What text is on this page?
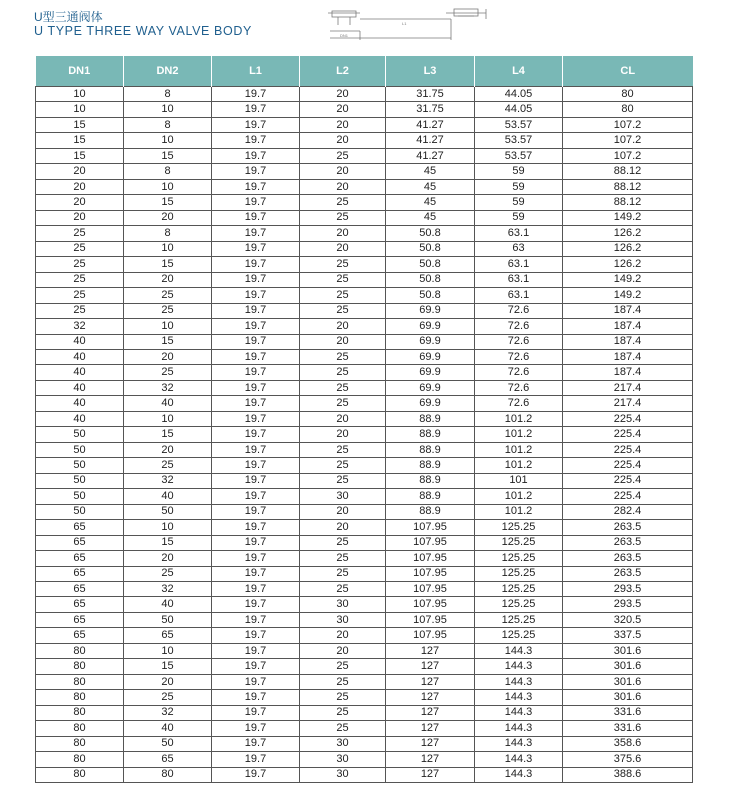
U型三通阀体
U TYPE THREE WAY VALVE BODY	DN1
L1
DN1	DN2	L1	L2	L3	L4	CL
10	8	19.7	20	31.75	44.05	80
10	10	19.7	20	31.75	44.05	80
15	8	19.7	20	41.27	53.57	107.2
15	10	19.7	20	41.27	53.57	107.2
15	15	19.7	25	41.27	53.57	107.2
20	8	19.7	20	45	59	88.12
20	10	19.7	20	45	59	88.12
20	15	19.7	25	45	59	88.12
20	20	19.7	25	45	59	149.2
25	8	19.7	20	50.8	63.1	126.2
25	10	19.7	20	50.8	63	126.2
25	15	19.7	25	50.8	63.1	126.2
25	20	19.7	25	50.8	63.1	149.2
25	25	19.7	25	50.8	63.1	149.2
25	25	19.7	25	69.9	72.6	187.4
32	10	19.7	20	69.9	72.6	187.4
40	15	19.7	20	69.9	72.6	187.4
40	20	19.7	25	69.9	72.6	187.4
40	25	19.7	25	69.9	72.6	187.4
40	32	19.7	25	69.9	72.6	217.4
40	40	19.7	25	69.9	72.6	217.4
40	10	19.7	20	88.9	101.2	225.4
50	15	19.7	20	88.9	101.2	225.4
50	20	19.7	25	88.9	101.2	225.4
50	25	19.7	25	88.9	101.2	225.4
50	32	19.7	25	88.9	101	225.4
50	40	19.7	30	88.9	101.2	225.4
50	50	19.7	20	88.9	101.2	282.4
65	10	19.7	20	107.95	125.25	263.5
65	15	19.7	25	107.95	125.25	263.5
65	20	19.7	25	107.95	125.25	263.5
65	25	19.7	25	107.95	125.25	263.5
65	32	19.7	25	107.95	125.25	293.5
65	40	19.7	30	107.95	125.25	293.5
65	50	19.7	30	107.95	125.25	320.5
65	65	19.7	20	107.95	125.25	337.5
80	10	19.7	20	127	144.3	301.6
80	15	19.7	25	127	144.3	301.6
80	20	19.7	25	127	144.3	301.6
80	25	19.7	25	127	144.3	301.6
80	32	19.7	25	127	144.3	331.6
80	40	19.7	25	127	144.3	331.6
80	50	19.7	30	127	144.3	358.6
80	65	19.7	30	127	144.3	375.6
80	80	19.7	30	127	144.3	388.6
